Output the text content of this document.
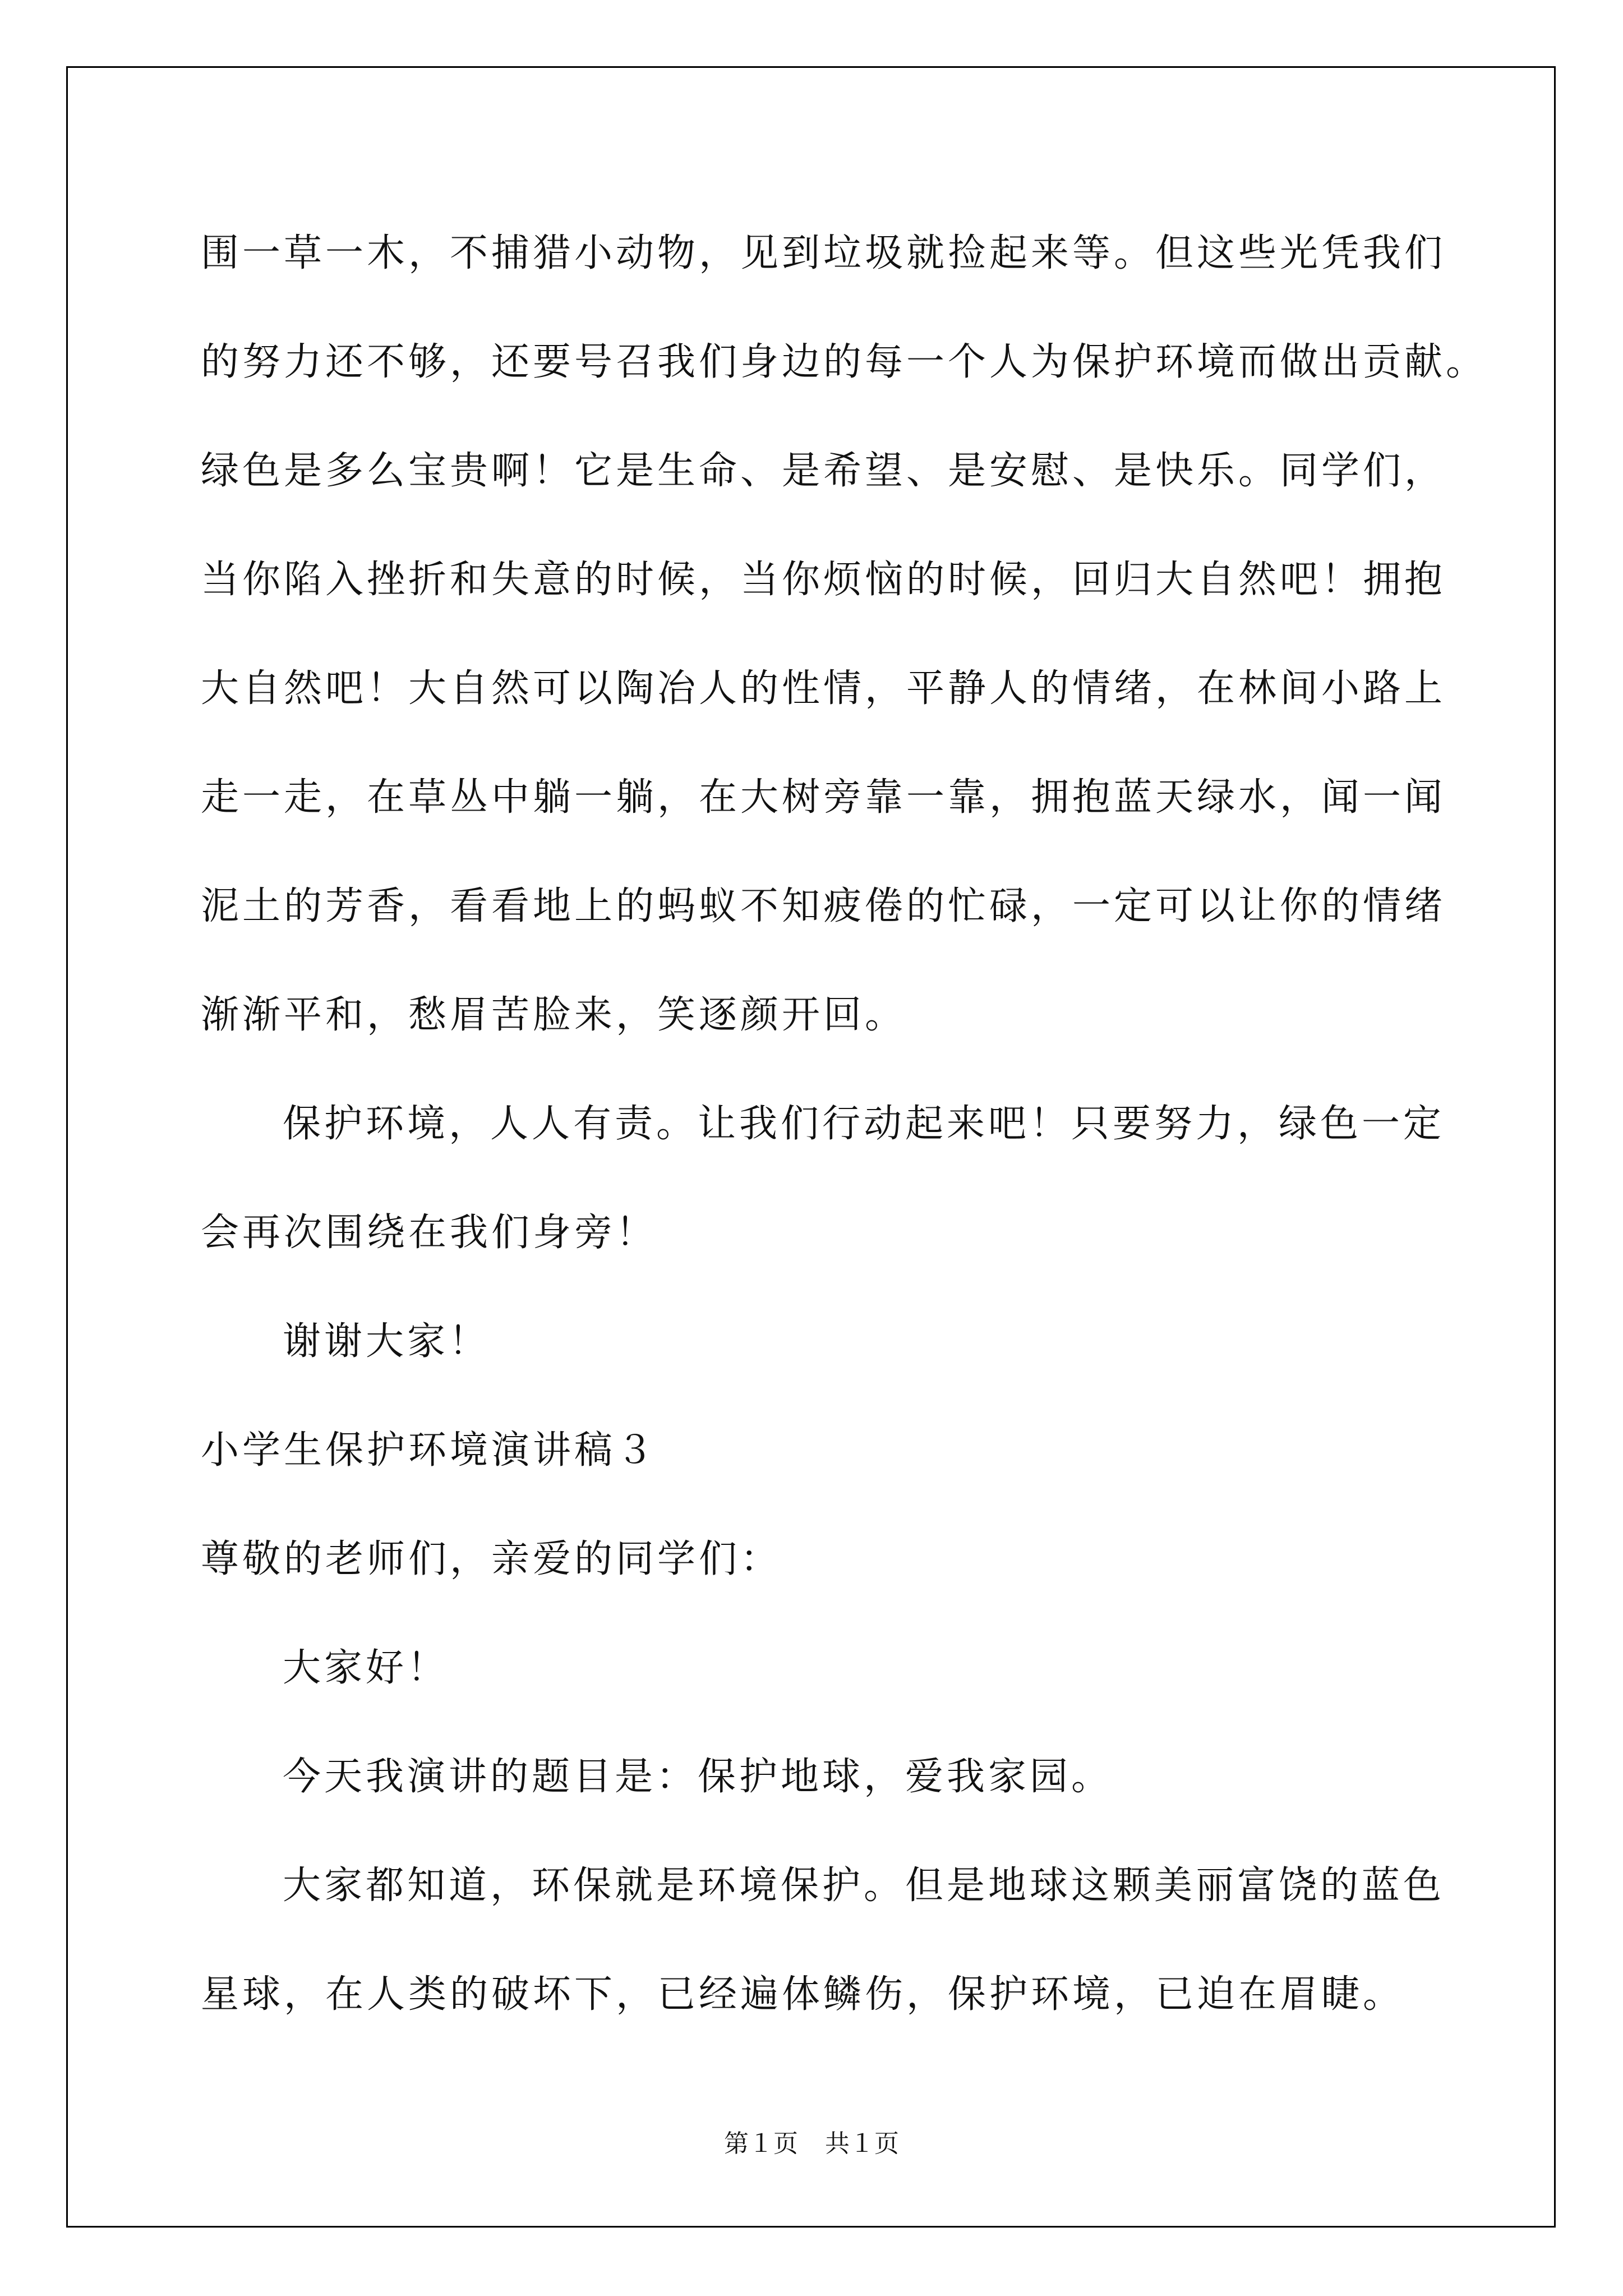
围一草一木，不捕猎小动物，见到垃圾就捡起来等。但这些光凭我们
的努力还不够，还要号召我们身边的每一个人为保护环境而做出贡献。
绿色是多么宝贵啊！它是生命、是希望、是安慰、是快乐。同学们，
当你陷入挫折和失意的时候，当你烦恼的时候，回归大自然吧！拥抱
大自然吧！大自然可以陶冶人的性情，平静人的情绪，在林间小路上
走一走，在草丛中躺一躺，在大树旁靠一靠，拥抱蓝天绿水，闻一闻
泥土的芳香，看看地上的蚂蚁不知疲倦的忙碌，一定可以让你的情绪
渐渐平和，愁眉苦脸来，笑逐颜开回。
保护环境，人人有责。让我们行动起来吧！只要努力，绿色一定
会再次围绕在我们身旁！
谢谢大家！
小学生保护环境演讲稿３
尊敬的老师们，亲爱的同学们：
大家好！
今天我演讲的题目是：保护地球，爱我家园。
大家都知道，环保就是环境保护。但是地球这颗美丽富饶的蓝色
星球，在人类的破坏下，已经遍体鳞伤，保护环境，已迫在眉睫。
第１页 共１页
